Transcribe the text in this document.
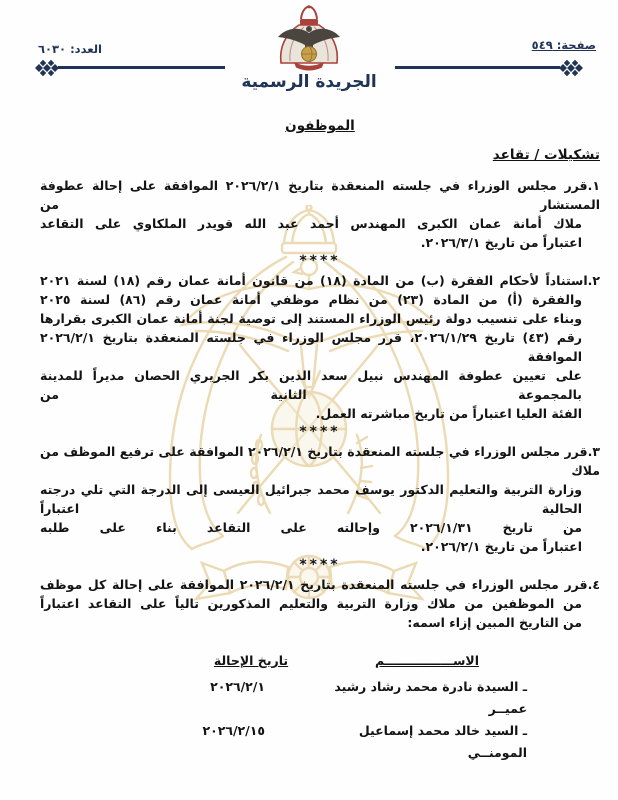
صفحة: ٥٤٩
العدد: ٦٠٣٠
الجريدة الرسمية
الموظفون
تشكيلات / تقاعد
١.قرر مجلس الوزراء في جلسته المنعقدة بتاريخ ٢٠٢٦/٢/١ الموافقة على إحالة عطوفة المستشار من
ملاك أمانة عمان الكبرى المهندس أحمد عبد الله قويدر الملكاوي على التقاعد
اعتباراً من تاريخ ٢٠٢٦/٣/١.
****
٢.استناداً لأحكام الفقرة (ب) من المادة (١٨) من قانون أمانة عمان رقم (١٨) لسنة ٢٠٢١
والفقرة (أ) من المادة (٢٣) من نظام موظفي أمانة عمان رقم (٨٦) لسنة ٢٠٢٥
وبناء على تنسيب دولة رئيس الوزراء المستند إلى توصية لجنة أمانة عمان الكبرى بقرارها
رقم (٤٣) تاريخ ٢٠٢٦/١/٢٩، قرر مجلس الوزراء في جلسته المنعقدة بتاريخ ٢٠٢٦/٢/١ الموافقة
على تعيين عطوفة المهندس نبيل سعد الدين بكر الجريري الحصان مديراً للمدينة بالمجموعة الثانية من
الفئة العليا اعتباراً من تاريخ مباشرته العمل.
****
٣.قرر مجلس الوزراء في جلسته المنعقدة بتاريخ ٢٠٢٦/٢/١ الموافقة على ترفيع الموظف من ملاك
وزارة التربية والتعليم الدكتور يوسف محمد جبرائيل العيسى إلى الدرجة التي تلي درجته الحالية اعتباراً
من تاريخ ٢٠٢٦/١/٣١ وإحالته على التقاعد بناء على طلبه
اعتباراً من تاريخ ٢٠٢٦/٢/١.
****
٤.قرر مجلس الوزراء في جلسته المنعقدة بتاريخ ٢٠٢٦/٢/١ الموافقة على إحالة كل موظف
من الموظفين من ملاك وزارة التربية والتعليم المذكورين تالياً على التقاعد اعتباراً
من التاريخ المبين إزاء اسمه:
الاســــــــــــــــم
تاريخ الإحالة
ـ السيدة نادرة محمد رشاد رشيد عميــر
٢٠٢٦/٢/١
ـ السيد خالد محمد إسماعيل المومنــي
٢٠٢٦/٢/١٥
